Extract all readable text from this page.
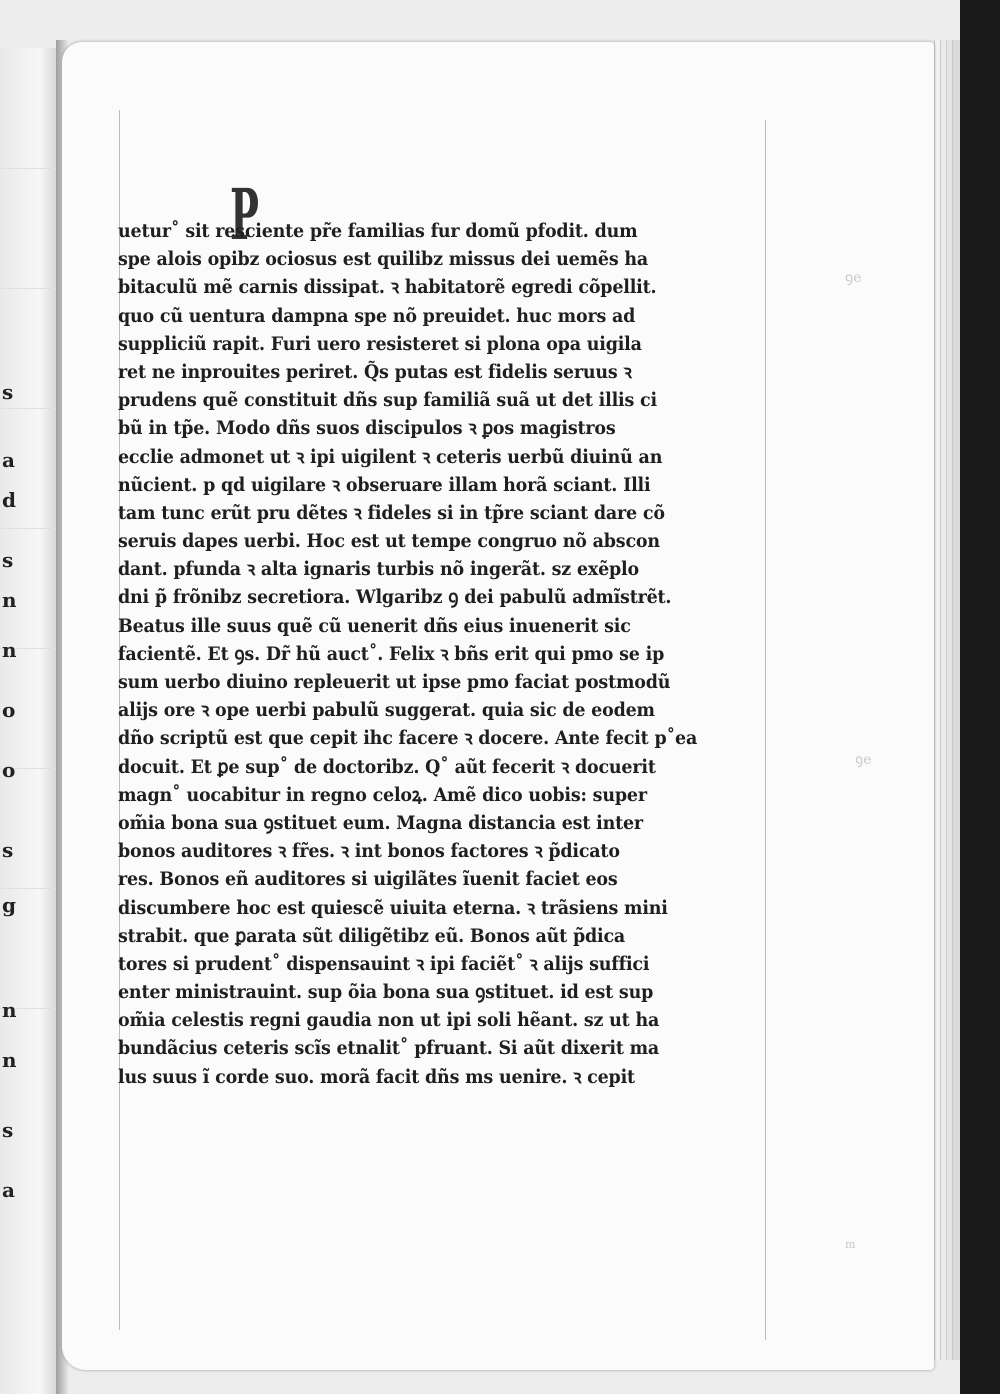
s
a
d
s
n
n
o
o
s
g
n
n
s
a
P
uetur˚ sit resciente pr̃e familias fur domũ pfodit. dum
spe alois opibz ociosus est quilibz missus dei uemẽs ha
bitaculũ mẽ carnis dissipat. ꝛ habitatorẽ egredi cõpellit.
quo cũ uentura dampna spe nõ preuidet. huc mors ad
suppliciũ rapit. Furi uero resisteret si plona opa uigila
ret ne inprouites periret. Q̃s putas est fidelis seruus ꝛ
prudens quẽ constituit dñs sup familiã suã ut det illis ci
bũ in tp̃e. Modo dñs suos discipulos ꝛ ꝑos magistros
ecclie admonet ut ꝛ ipi uigilent ꝛ ceteris uerbũ diuinũ an
nũcient. p qd uigilare ꝛ obseruare illam horã sciant. Illi
tam tunc erũt pru dẽtes ꝛ fideles si in tp̃re sciant dare cõ
seruis dapes uerbi. Hoc est ut tempe congruo nõ abscon
dant. pfunda ꝛ alta ignaris turbis nõ ingerãt. sz exẽplo
dni p̃ frõnibz secretiora. Wlgaribz ꝯ dei pabulũ admĩstrẽt.
Beatus ille suus quẽ cũ uenerit dñs eius inuenerit sic
facientẽ. Et ꝯs. Dr̃ hũ auct˚. Felix ꝛ bñs erit qui pmo se ip
sum uerbo diuino repleuerit ut ipse pmo faciat postmodũ
alijs ore ꝛ ope uerbi pabulũ suggerat. quia sic de eodem
dño scriptũ est que cepit ihc facere ꝛ docere. Ante fecit p˚ea
docuit. Et ꝑe sup˚ de doctoribz. Q˚ aũt fecerit ꝛ docuerit
magn˚ uocabitur in regno celoꝝ. Amẽ dico uobis: super
om̃ia bona sua ꝯstituet eum. Magna distancia est inter
bonos auditores ꝛ fr̃es. ꝛ int bonos factores ꝛ p̃dicato
res. Bonos eñ auditores si uigilãtes ĩuenit faciet eos
discumbere hoc est quiescẽ uiuita eterna. ꝛ trãsiens mini
strabit. que ꝑarata sũt diligẽtibz eũ. Bonos aũt p̃dica
tores si prudent˚ dispensauint ꝛ ipi faciẽt˚ ꝛ alijs suffici
enter ministrauint. sup õia bona sua ꝯstituet. id est sup
om̃ia celestis regni gaudia non ut ipi soli hẽant. sz ut ha
bundãcius ceteris scĩs etnalit˚ pfruant. Si aũt dixerit ma
lus suus ĩ corde suo. morã facit dñs ms uenire. ꝛ cepit
ꝯe
ꝯe
m
